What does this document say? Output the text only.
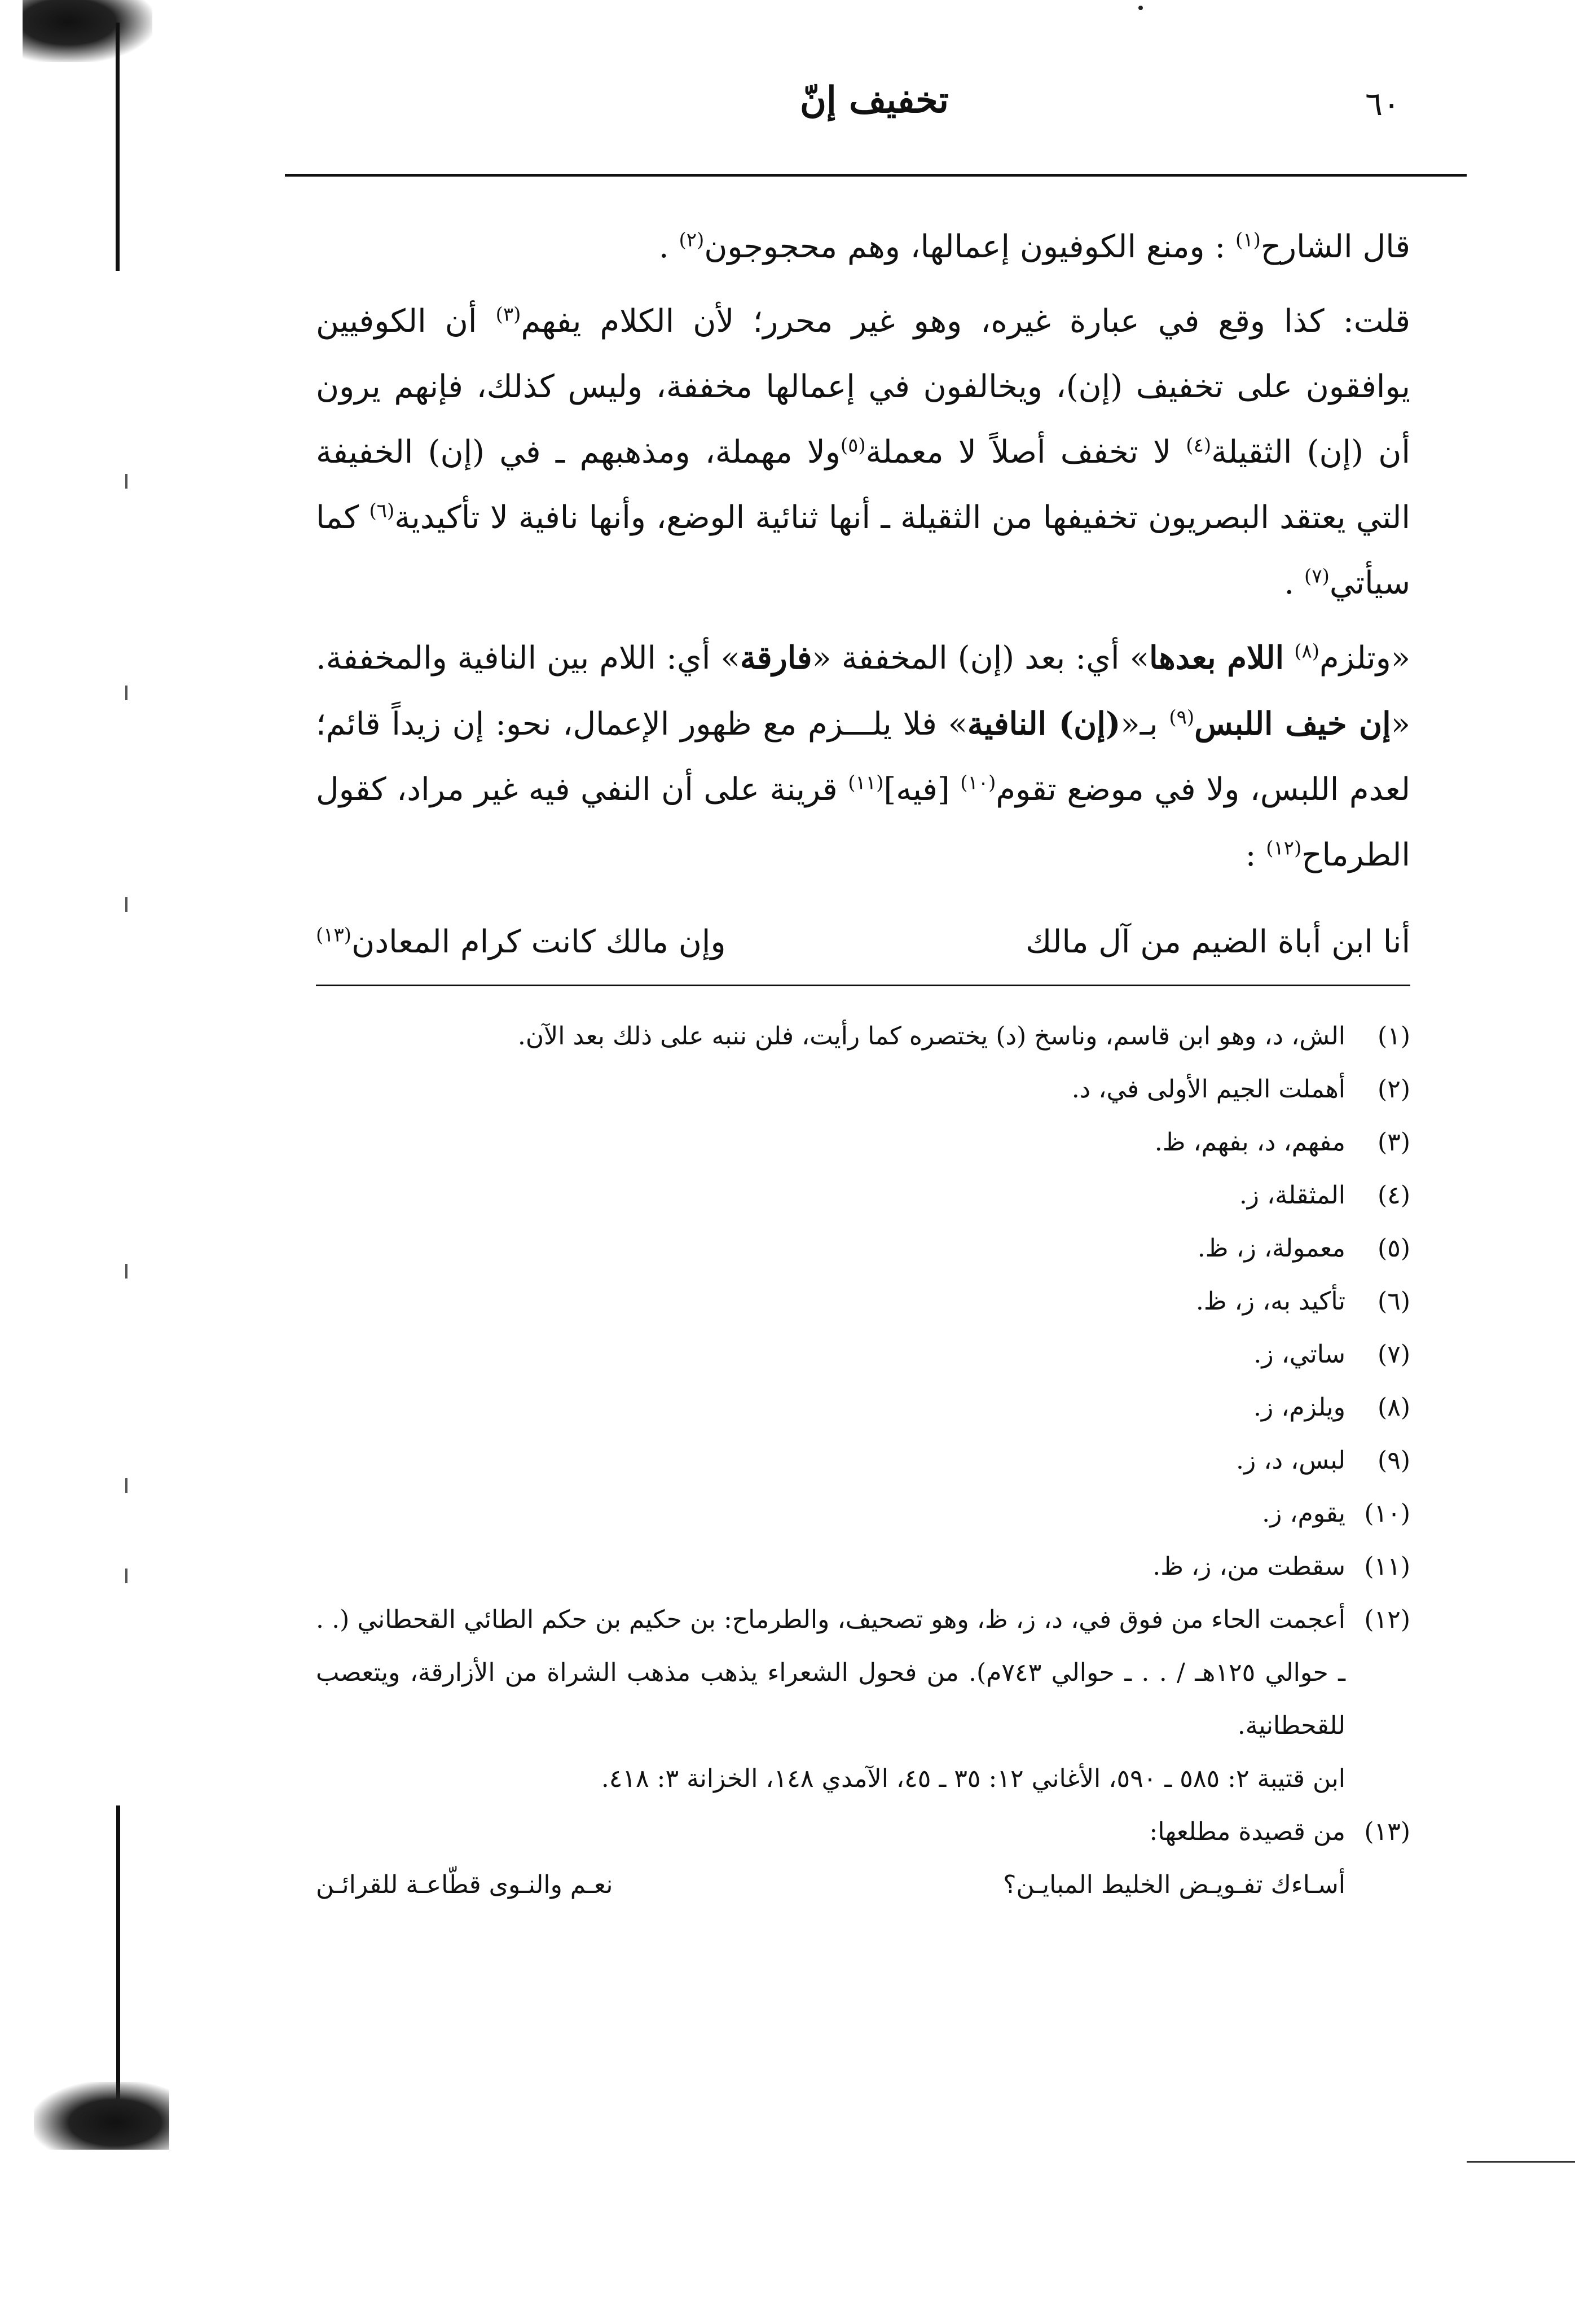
٦٠
تخفيف إنّ

قال الشارح$^{(١)}$ : ومنع الكوفيون إعمالها، وهم محجوجون$^{(٢)}$ .

قلت: كذا وقع في عبارة غيره، وهو غير محرر؛ لأن الكلام يفهم$^{(٣)}$ أن الكوفيين يوافقون على تخفيف (إن)، ويخالفون في إعمالها مخففة، وليس كذلك، فإنهم يرون أن (إن) الثقيلة$^{(٤)}$ لا تخفف أصلاً لا معملة$^{(٥)}$ولا مهملة، ومذهبهم ـ في (إن) الخفيفة التي يعتقد البصريون تخفيفها من الثقيلة ـ أنها ثنائية الوضع، وأنها نافية لا تأكيدية$^{(٦)}$ كما سيأتي$^{(٧)}$ .

«وتلزم$^{(٨)}$ اللام بعدها» أي: بعد (إن) المخففة «فارقة» أي: اللام بين النافية والمخففة. «إن خيف اللبس$^{(٩)}$ بـ«(إن) النافية» فلا يلـــزم مع ظهور الإعمال، نحو: إن زيداً قائم؛ لعدم اللبس، ولا في موضع تقوم$^{(١٠)}$ [فيه]$^{(١١)}$ قرينة على أن النفي فيه غير مراد، كقول الطرماح$^{(١٢)}$ :

أنا ابن أباة الضيم من آل مالك
وإن مالك كانت كرام المعادن$^{(١٣)}$
(١)
الش، د، وهو ابن قاسم، وناسخ (د) يختصره كما رأيت، فلن ننبه على ذلك بعد الآن.
(٢)
أهملت الجيم الأولى في، د.
(٣)
مفهم، د، بفهم، ظ.
(٤)
المثقلة، ز.
(٥)
معمولة، ز، ظ.
(٦)
تأكيد به، ز، ظ.
(٧)
ساتي، ز.
(٨)
ويلزم، ز.
(٩)
لبس، د، ز.
(١٠)
يقوم، ز.
(١١)
سقطت من، ز، ظ.
(١٢)
أعجمت الحاء من فوق في، د، ز، ظ، وهو تصحيف، والطرماح: بن حكيم بن حكم الطائي القحطاني (. . ـ حوالي ١٢٥هـ / . . ـ حوالي ٧٤٣م). من فحول الشعراء يذهب مذهب الشراة من الأزارقة، ويتعصب للقحطانية.
ابن قتيبة ٢: ٥٨٥ ـ ٥٩٠، الأغاني ١٢: ٣٥ ـ ٤٥، الآمدي ١٤٨، الخزانة ٣: ٤١٨.
(١٣)
من قصيدة مطلعها:
أسـاءك تفـويـض الخليط المبايـن؟
نعـم والنـوى قطّاعـة للقرائـن
